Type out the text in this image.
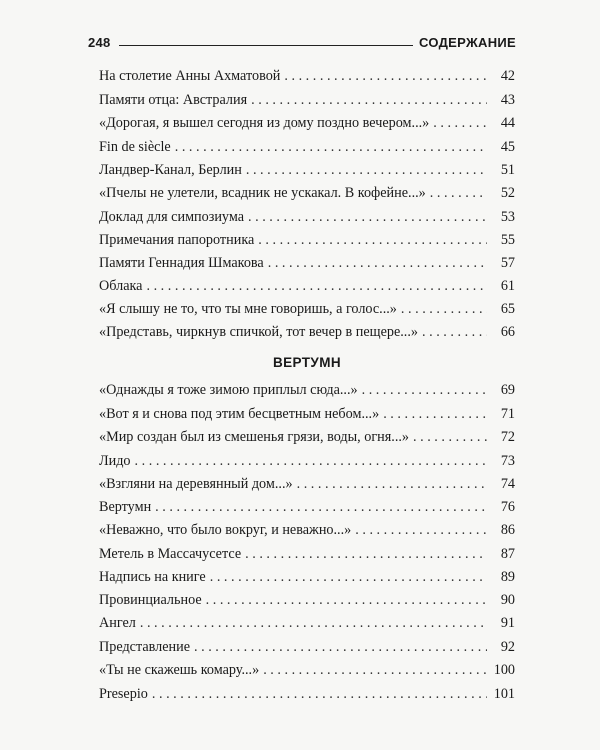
248	СОДЕРЖАНИЕ
На столетие Анны Ахматовой . . .	42
Памяти отца: Австралия . . .	43
«Дорогая, я вышел сегодня из дому поздно вечером...» . . .	44
Fin de siècle . . .	45
Ландвер-Канал, Берлин . . .	51
«Пчелы не улетели, всадник не ускакал. В кофейне...» . . .	52
Доклад для симпозиума . . .	53
Примечания папоротника . . .	55
Памяти Геннадия Шмакова . . .	57
Облака . . .	61
«Я слышу не то, что ты мне говоришь, а голос...» . . .	65
«Представь, чиркнув спичкой, тот вечер в пещере...» . . .	66
«Однажды я тоже зимою приплыл сюда...» . . .	69
«Вот я и снова под этим бесцветным небом...» . . .	71
«Мир создан был из смешенья грязи, воды, огня...» . . .	72
Лидо . . .	73
«Взгляни на деревянный дом...» . . .	74
Вертумн . . .	76
«Неважно, что было вокруг, и неважно...» . . .	86
Метель в Массачусетсе . . .	87
Надпись на книге . . .	89
Провинциальное . . .	90
Ангел . . .	91
Представление . . .	92
«Ты не скажешь комару...» . . .	100
Presepio . . .	101
ВЕРТУМН
